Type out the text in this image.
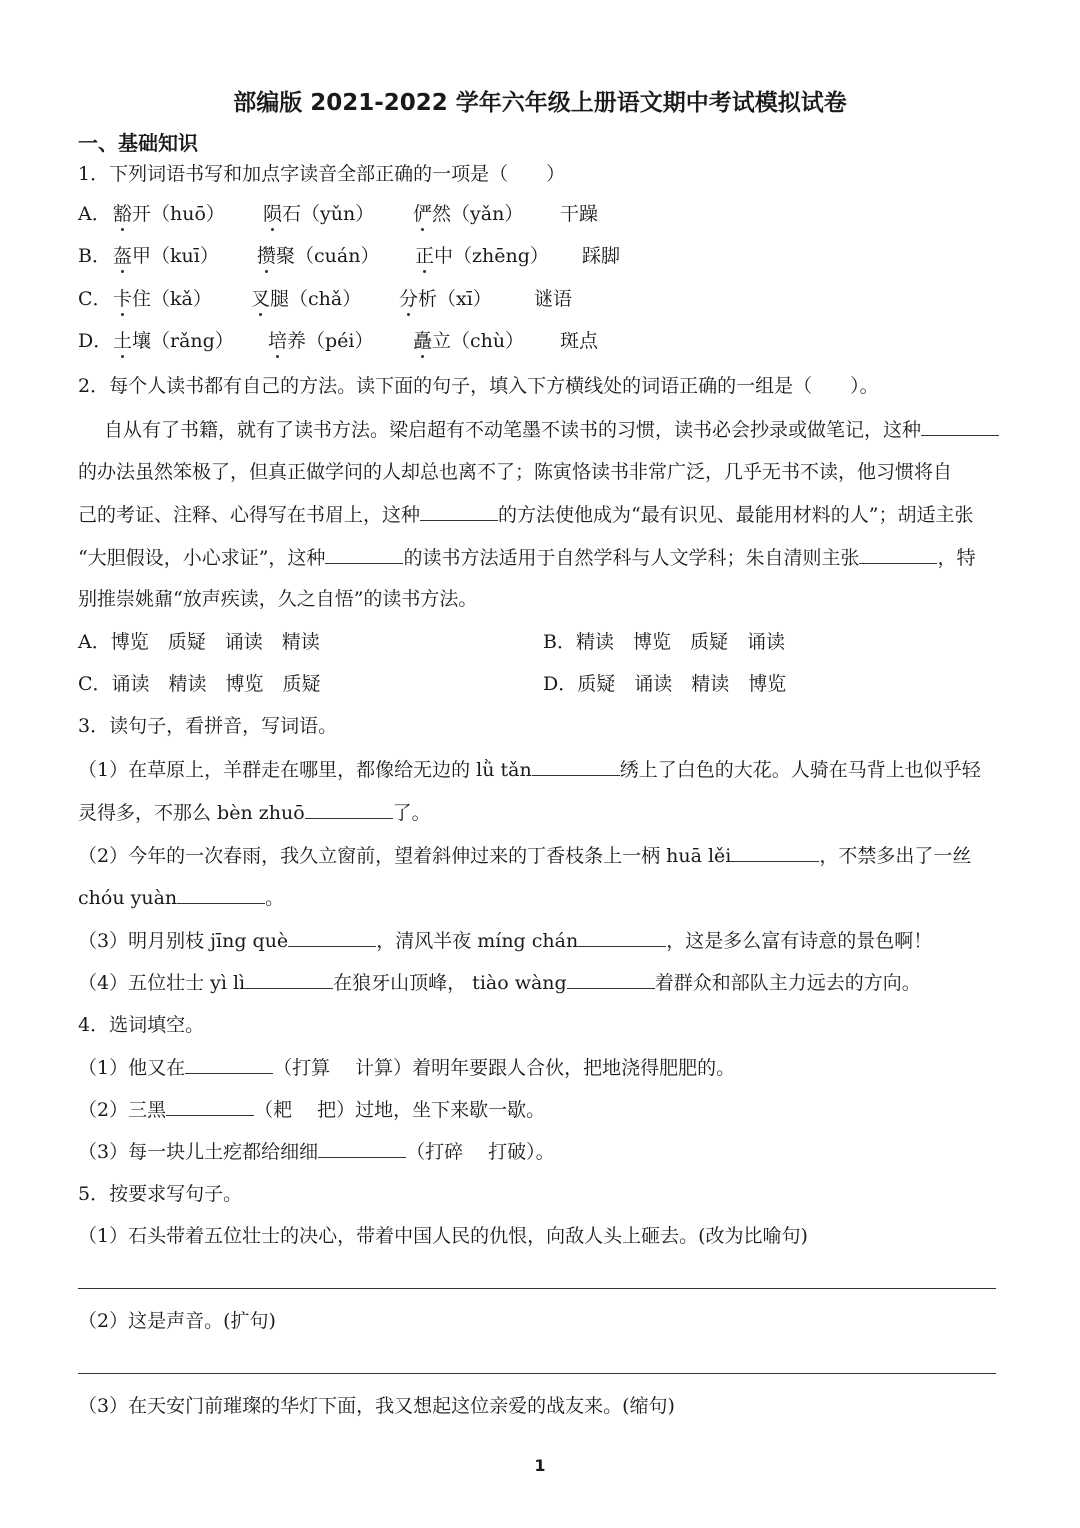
部编版 2021-2022 学年六年级上册语文期中考试模拟试卷
一、基础知识
1．下列词语书写和加点字读音全部正确的一项是（　　）
A． 豁开（huō） 陨石（yǔn） 俨然（yǎn） 干躁
B． 盔甲（kuī） 攒聚（cuán） 正中（zhēng） 踩脚
C．卡住（kǎ） 叉腿（chǎ） 分析（xī） 谜语
D．土壤（rǎng） 培养（péi） 矗立（chù） 斑点
2．每个人读书都有自己的方法。读下面的句子，填入下方横线处的词语正确的一组是（　　）。
自从有了书籍，就有了读书方法。梁启超有不动笔墨不读书的习惯，读书必会抄录或做笔记，这种
的办法虽然笨极了，但真正做学问的人却总也离不了；陈寅恪读书非常广泛，几乎无书不读，他习惯将自
己的考证、注释、心得写在书眉上，这种	的方法使他成为“最有识见、最能用材料的人”；胡适主张
“大胆假设，小心求证”，这种	的读书方法适用于自然学科与人文学科；朱自清则主张	，特
别推崇姚鼐“放声疾读，久之自悟”的读书方法。
A．博览　质疑　诵读　精读	B．精读　博览　质疑　诵读
C．诵读　精读　博览　质疑	D．质疑　诵读　精读　博览
3．读句子，看拼音，写词语。
（1）在草原上，羊群走在哪里，都像给无边的 lǜ tǎn	绣上了白色的大花。人骑在马背上也似乎轻
灵得多，不那么 bèn zhuō	了。
（2）今年的一次春雨，我久立窗前，望着斜伸过来的丁香枝条上一柄 huā lěi	，不禁多出了一丝
chóu yuàn	。
（3）明月别枝 jīng què	，清风半夜 míng chán	，这是多么富有诗意的景色啊！
（4）五位壮士 yì lì	在狼牙山顶峰， tiào wàng	着群众和部队主力远去的方向。
4．选词填空。
（1）他又在	（打算　 计算）着明年要跟人合伙，把地浇得肥肥的。
（2）三黑	（耙　 把）过地，坐下来歇一歇。
（3）每一块儿土疙都给细细	（打碎　 打破）。
5．按要求写句子。
（1）石头带着五位壮士的决心，带着中国人民的仇恨，向敌人头上砸去。(改为比喻句)
（2）这是声音。(扩句)
（3）在天安门前璀璨的华灯下面，我又想起这位亲爱的战友来。(缩句)
1
